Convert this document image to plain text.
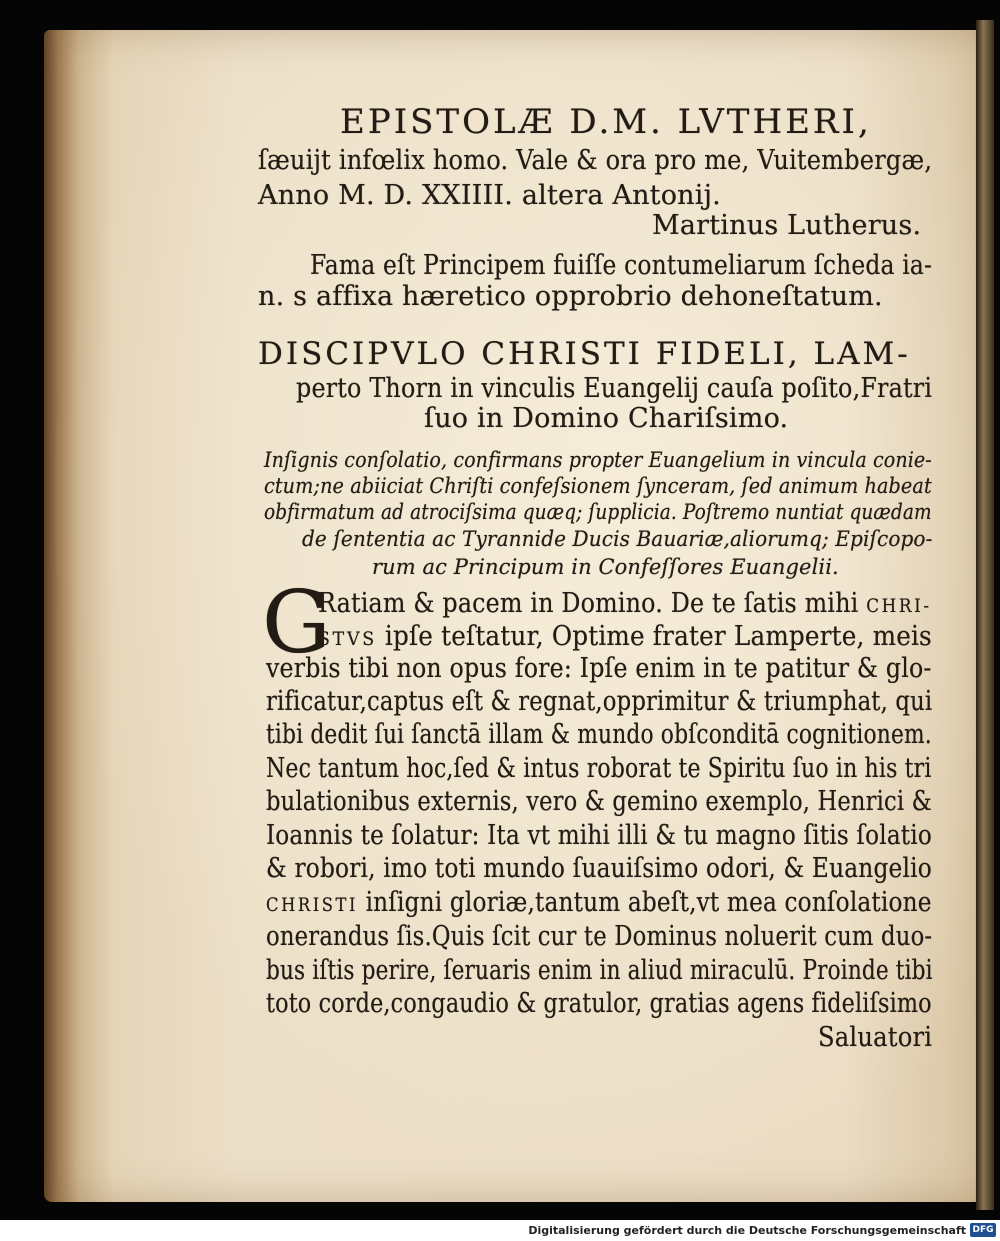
EPISTOLÆ D.M. LVTHERI,
ſæuijt infœlix homo. Vale & ora pro me, Vuitembergæ,
Anno M. D. XXIIII. altera Antonij.
Martinus Lutherus.
Fama eſt Principem fuiſſe contumeliarum ſcheda ia-
n. s affixa hæretico opprobrio dehoneſtatum.
DISCIPVLO CHRISTI FIDELI, LAM-
perto Thorn in vinculis Euangelij cauſa poſito,Fratri
ſuo in Domino Chariſsimo.
Inſignis conſolatio, confirmans propter Euangelium in vincula conie-
ctum;ne abiiciat Chriſti confeſsionem ſynceram, ſed animum habeat
obfirmatum ad atrociſsima quæq; ſupplicia. Poſtremo nuntiat quædam
de ſententia ac Tyrannide Ducis Bauariæ,aliorumq; Epiſcopo-
rum ac Principum in Confeſſores Euangelii.
G
Ratiam & pacem in Domino. De te ſatis mihi CHRI-
STVS ipſe teſtatur, Optime frater Lamperte, meis
verbis tibi non opus fore: Ipſe enim in te patitur & glo-
rificatur,captus eſt & regnat,opprimitur & triumphat, qui
tibi dedit ſui ſanctā illam & mundo obſconditā cognitionem.
Nec tantum hoc,ſed & intus roborat te Spiritu ſuo in his tri
bulationibus externis, vero & gemino exemplo, Henrici &
Ioannis te ſolatur: Ita vt mihi illi & tu magno ſitis ſolatio
& robori, imo toti mundo ſuauiſsimo odori, & Euangelio
CHRISTI inſigni gloriæ,tantum abeſt,vt mea conſolatione
onerandus ſis.Quis ſcit cur te Dominus noluerit cum duo-
bus iſtis perire, ſeruaris enim in aliud miraculū. Proinde tibi
toto corde,congaudio & gratulor, gratias agens fideliſsimo
Saluatori
Digitalisierung gefördert durch die Deutsche Forschungsgemeinschaft DFG
